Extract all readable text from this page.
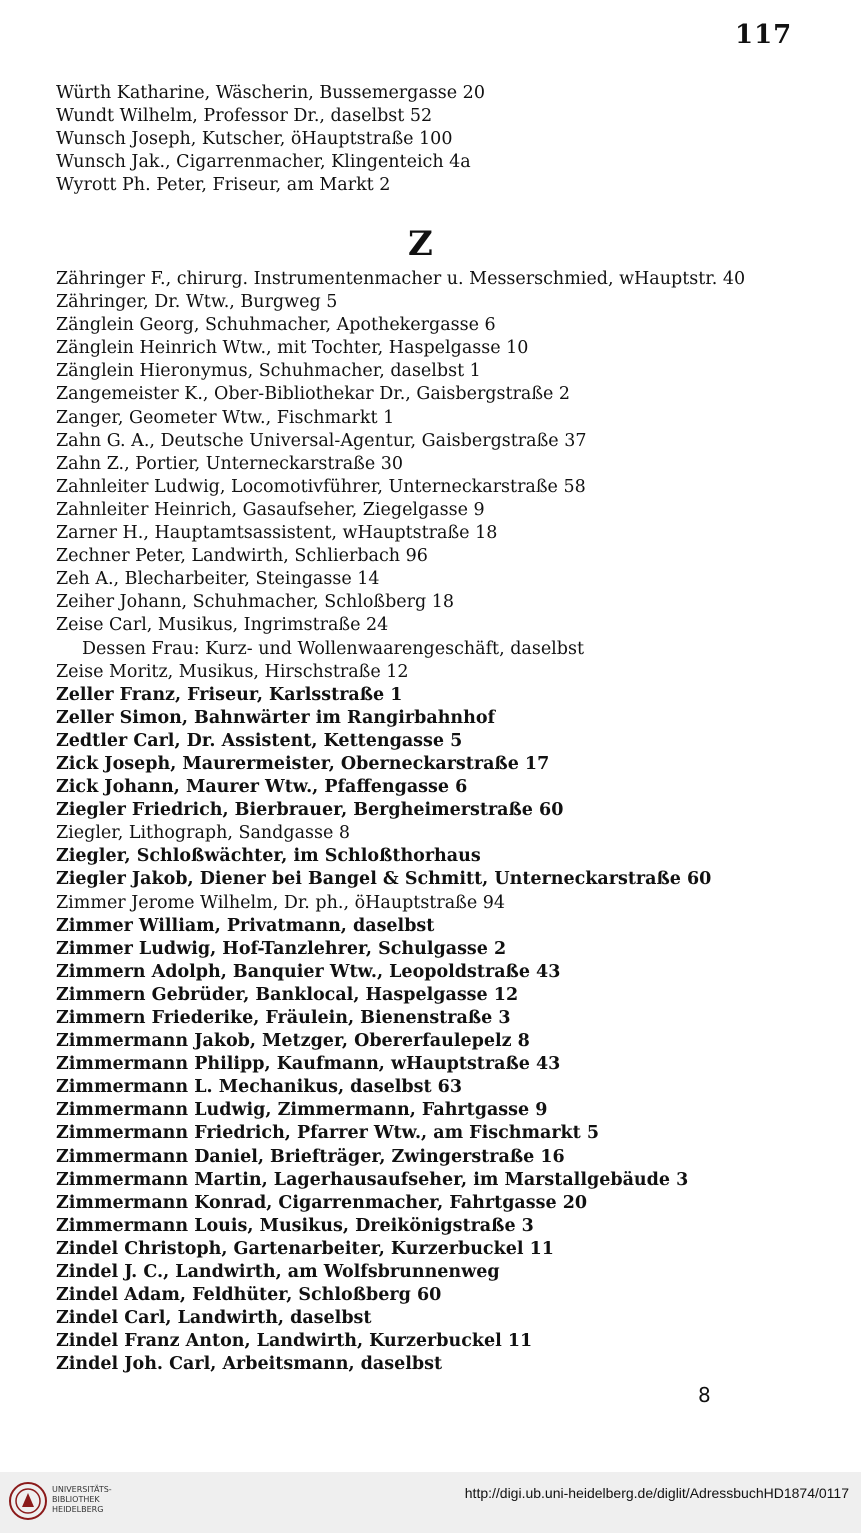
117
Würth Katharine, Wäscherin, Bussemergasse 20
Wundt Wilhelm, Professor Dr., daselbst 52
Wunsch Joseph, Kutscher, öHauptstraße 100
Wunsch Jak., Cigarrenmacher, Klingenteich 4a
Wyrott Ph. Peter, Friseur, am Markt 2
Z
Zähringer F., chirurg. Instrumentenmacher u. Messerschmied, wHauptstr. 40
Zähringer, Dr. Wtw., Burgweg 5
Zänglein Georg, Schuhmacher, Apothekergasse 6
Zänglein Heinrich Wtw., mit Tochter, Haspelgasse 10
Zänglein Hieronymus, Schuhmacher, daselbst 1
Zangemeister K., Ober-Bibliothekar Dr., Gaisbergstraße 2
Zanger, Geometer Wtw., Fischmarkt 1
Zahn G. A., Deutsche Universal-Agentur, Gaisbergstraße 37
Zahn Z., Portier, Unterneckarstraße 30
Zahnleiter Ludwig, Locomotivführer, Unterneckarstraße 58
Zahnleiter Heinrich, Gasaufseher, Ziegelgasse 9
Zarner H., Hauptamtsassistent, wHauptstraße 18
Zechner Peter, Landwirth, Schlierbach 96
Zeh A., Blecharbeiter, Steingasse 14
Zeiher Johann, Schuhmacher, Schloßberg 18
Zeise Carl, Musikus, Ingrimstraße 24
Dessen Frau: Kurz- und Wollenwaarengeschäft, daselbst
Zeise Moritz, Musikus, Hirschstraße 12
Zeller Franz, Friseur, Karlsstraße 1
Zeller Simon, Bahnwärter im Rangirbahnhof
Zedtler Carl, Dr. Assistent, Kettengasse 5
Zick Joseph, Maurermeister, Oberneckarstraße 17
Zick Johann, Maurer Wtw., Pfaffengasse 6
Ziegler Friedrich, Bierbrauer, Bergheimerstraße 60
Ziegler, Lithograph, Sandgasse 8
Ziegler, Schloßwächter, im Schloßthorhaus
Ziegler Jakob, Diener bei Bangel & Schmitt, Unterneckarstraße 60
Zimmer Jerome Wilhelm, Dr. ph., öHauptstraße 94
Zimmer William, Privatmann, daselbst
Zimmer Ludwig, Hof-Tanzlehrer, Schulgasse 2
Zimmern Adolph, Banquier Wtw., Leopoldstraße 43
Zimmern Gebrüder, Banklocal, Haspelgasse 12
Zimmern Friederike, Fräulein, Bienenstraße 3
Zimmermann Jakob, Metzger, Obererfaulepelz 8
Zimmermann Philipp, Kaufmann, wHauptstraße 43
Zimmermann L. Mechanikus, daselbst 63
Zimmermann Ludwig, Zimmermann, Fahrtgasse 9
Zimmermann Friedrich, Pfarrer Wtw., am Fischmarkt 5
Zimmermann Daniel, Briefträger, Zwingerstraße 16
Zimmermann Martin, Lagerhausaufseher, im Marstallgebäude 3
Zimmermann Konrad, Cigarrenmacher, Fahrtgasse 20
Zimmermann Louis, Musikus, Dreikönigstraße 3
Zindel Christoph, Gartenarbeiter, Kurzerbuckel 11
Zindel J. C., Landwirth, am Wolfsbrunnenweg
Zindel Adam, Feldhüter, Schloßberg 60
Zindel Carl, Landwirth, daselbst
Zindel Franz Anton, Landwirth, Kurzerbuckel 11
Zindel Joh. Carl, Arbeitsmann, daselbst
8
UNIVERSITÄTS-
BIBLIOTHEK
HEIDELBERG
http://digi.ub.uni-heidelberg.de/diglit/AdressbuchHD1874/0117
